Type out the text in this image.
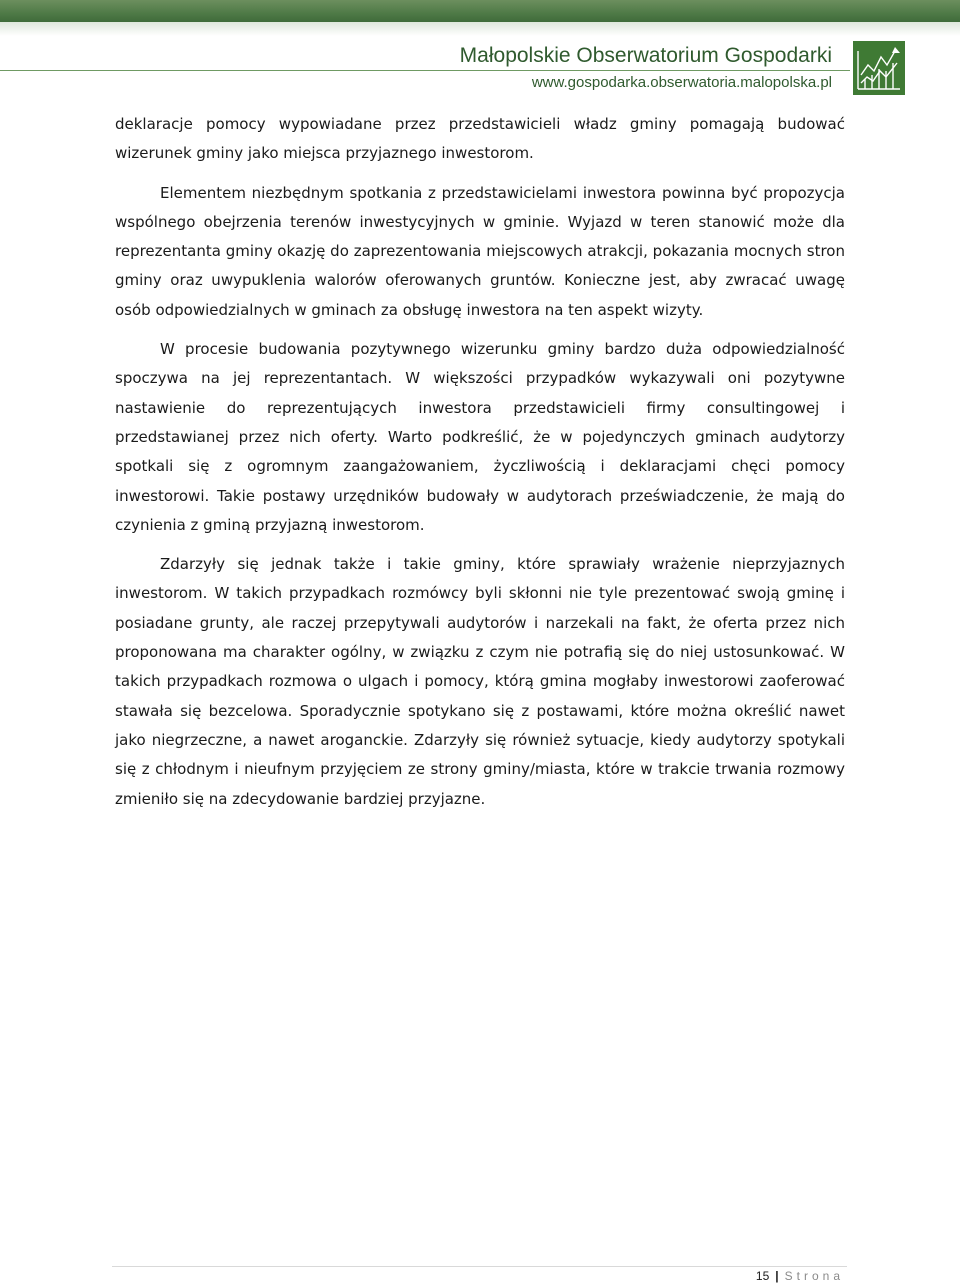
Małopolskie Obserwatorium Gospodarki
www.gospodarka.obserwatoria.malopolska.pl

deklaracje pomocy wypowiadane przez przedstawicieli władz gminy pomagają budować wizerunek gminy jako miejsca przyjaznego inwestorom.

Elementem niezbędnym spotkania z przedstawicielami inwestora powinna być propozycja wspólnego obejrzenia terenów inwestycyjnych w gminie. Wyjazd w teren stanowić może dla reprezentanta gminy okazję do zaprezentowania miejscowych atrakcji, pokazania mocnych stron gminy oraz uwypuklenia walorów oferowanych gruntów. Konieczne jest, aby zwracać uwagę osób odpowiedzialnych w gminach za obsługę inwestora na ten aspekt wizyty.

W procesie budowania pozytywnego wizerunku gminy bardzo duża odpowiedzialność spoczywa na jej reprezentantach. W większości przypadków wykazywali oni pozytywne nastawienie do reprezentujących inwestora przedstawicieli firmy consultingowej i przedstawianej przez nich oferty. Warto podkreślić, że w pojedynczych gminach audytorzy spotkali się z ogromnym zaangażowaniem, życzliwością i deklaracjami chęci pomocy inwestorowi. Takie postawy urzędników budowały w audytorach przeświadczenie, że mają do czynienia z gminą przyjazną inwestorom.

Zdarzyły się jednak także i takie gminy, które sprawiały wrażenie nieprzyjaznych inwestorom. W takich przypadkach rozmówcy byli skłonni nie tyle prezentować swoją gminę i posiadane grunty, ale raczej przepytywali audytorów i narzekali na fakt, że oferta przez nich proponowana ma charakter ogólny, w związku z czym nie potrafią się do niej ustosunkować. W takich przypadkach rozmowa o ulgach i pomocy, którą gmina mogłaby inwestorowi zaoferować stawała się bezcelowa. Sporadycznie spotykano się z postawami, które można określić nawet jako niegrzeczne, a nawet aroganckie. Zdarzyły się również sytuacje, kiedy audytorzy spotykali się z chłodnym i nieufnym przyjęciem ze strony gminy/miasta, które w trakcie trwania rozmowy zmieniło się na zdecydowanie bardziej przyjazne.

15 | Strona
